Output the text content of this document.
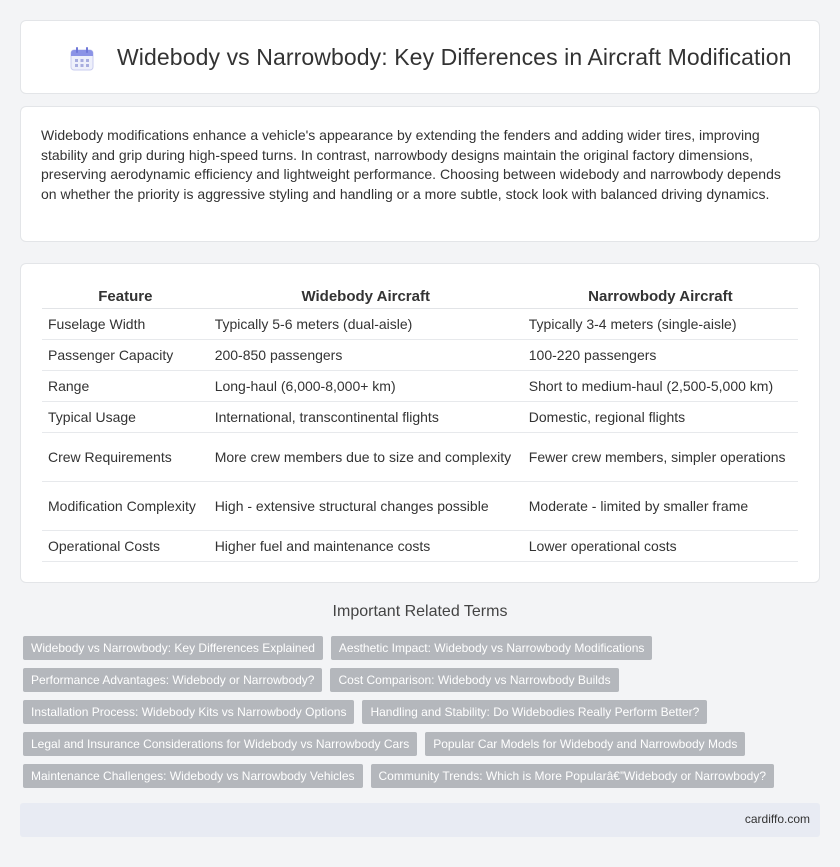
Widebody vs Narrowbody: Key Differences in Aircraft Modification

Widebody modifications enhance a vehicle's appearance by extending the fenders and adding wider tires, improving stability and grip during high-speed turns. In contrast, narrowbody designs maintain the original factory dimensions, preserving aerodynamic efficiency and lightweight performance. Choosing between widebody and narrowbody depends on whether the priority is aggressive styling and handling or a more subtle, stock look with balanced driving dynamics.

Feature	Widebody Aircraft	Narrowbody Aircraft
Fuselage Width	Typically 5-6 meters (dual-aisle)	Typically 3-4 meters (single-aisle)
Passenger Capacity	200-850 passengers	100-220 passengers
Range	Long-haul (6,000-8,000+ km)	Short to medium-haul (2,500-5,000 km)
Typical Usage	International, transcontinental flights	Domestic, regional flights
Crew Requirements	More crew members due to size and complexity	Fewer crew members, simpler operations
Modification Complexity	High - extensive structural changes possible	Moderate - limited by smaller frame
Operational Costs	Higher fuel and maintenance costs	Lower operational costs
Important Related Terms
Widebody vs Narrowbody: Key Differences Explained	Aesthetic Impact: Widebody vs Narrowbody Modifications
Performance Advantages: Widebody or Narrowbody?	Cost Comparison: Widebody vs Narrowbody Builds
Installation Process: Widebody Kits vs Narrowbody Options	Handling and Stability: Do Widebodies Really Perform Better?
Legal and Insurance Considerations for Widebody vs Narrowbody Cars	Popular Car Models for Widebody and Narrowbody Mods
Maintenance Challenges: Widebody vs Narrowbody Vehicles	Community Trends: Which is More Popularâ€”Widebody or Narrowbody?
cardiffo.com
